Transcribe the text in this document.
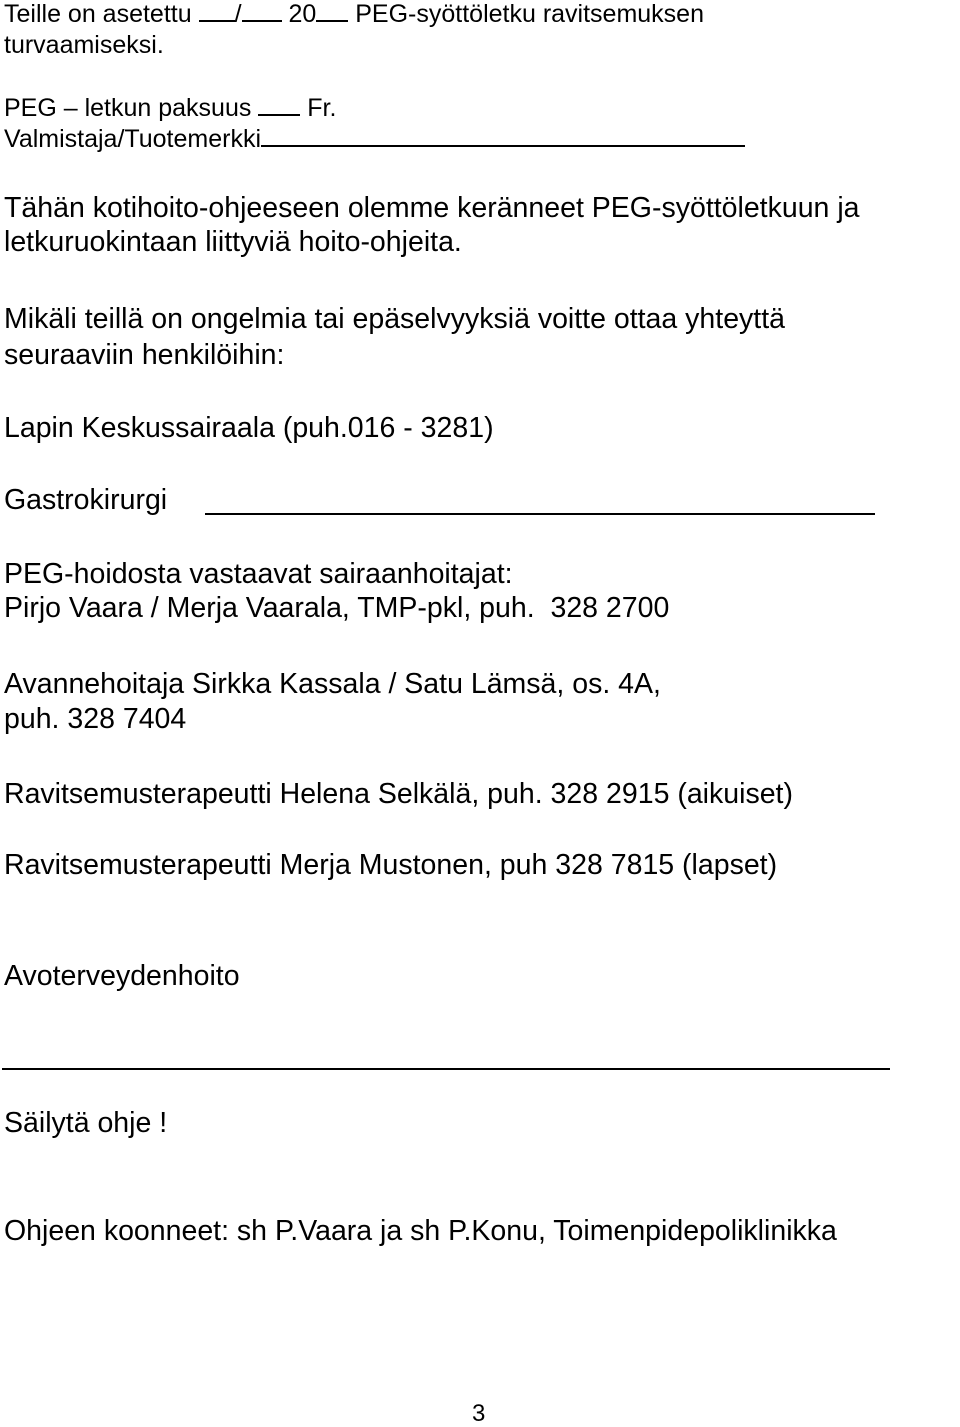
Teille on asetettu / 20 PEG-syöttöletku ravitsemuksen
turvaamiseksi.
PEG – letkun paksuus Fr.
Valmistaja/Tuotemerkki
Tähän kotihoito-ohjeeseen olemme keränneet PEG-syöttöletkuun ja
letkuruokintaan liittyviä hoito-ohjeita.
Mikäli teillä on ongelmia tai epäselvyyksiä voitte ottaa yhteyttä
seuraaviin henkilöihin:
Lapin Keskussairaala (puh.016 - 3281)
Gastrokirurgi
PEG-hoidosta vastaavat sairaanhoitajat:
Pirjo Vaara / Merja Vaarala, TMP-pkl, puh.  328 2700
Avannehoitaja Sirkka Kassala / Satu Lämsä, os. 4A,
puh. 328 7404
Ravitsemusterapeutti Helena Selkälä, puh. 328 2915 (aikuiset)
Ravitsemusterapeutti Merja Mustonen, puh 328 7815 (lapset)
Avoterveydenhoito
Säilytä ohje !
Ohjeen koonneet: sh P.Vaara ja sh P.Konu, Toimenpidepoliklinikka
3
